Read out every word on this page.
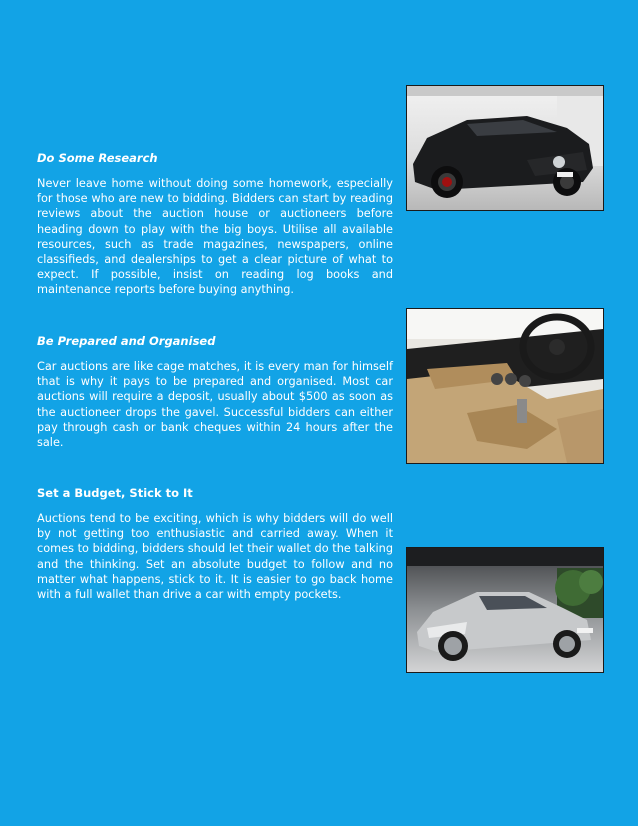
Do Some Research

Never leave home without doing some homework, especially for those who are new to bidding. Bidders can start by reading reviews about the auction house or auctioneers before heading down to play with the big boys. Utilise all available resources, such as trade magazines, newspapers, online classifieds, and dealerships to get a clear picture of what to expect. If possible, insist on reading log books and maintenance reports before buying anything.

Be Prepared and Organised

Car auctions are like cage matches, it is every man for himself that is why it pays to be prepared and organised. Most car auctions will require a deposit, usually about $500 as soon as the auctioneer drops the gavel. Successful bidders can either pay through cash or bank cheques within 24 hours after the sale.

Set a Budget, Stick to It

Auctions tend to be exciting, which is why bidders will do well by not getting too enthusiastic and carried away. When it comes to bidding, bidders should let their wallet do the talking and the thinking. Set an absolute budget to follow and no matter what happens, stick to it. It is easier to go back home with a full wallet than drive a car with empty pockets.
